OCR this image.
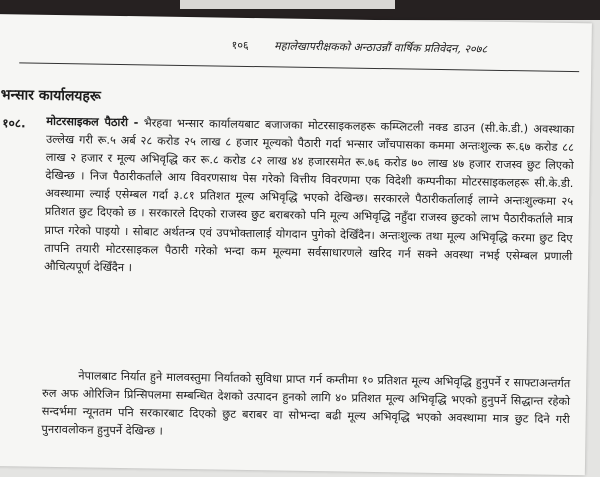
१०६ महालेखापरीक्षकको अन्ठाउन्नौं वार्षिक प्रतिवेदन, २०७८
भन्सार कार्यालयहरू
१०८. मोटरसाइकल पैठारी - भैरहवा भन्सार कार्यालयबाट बजाजका मोटरसाइकलहरू कम्प्लिटली नक्ड डाउन (सी.के.डी.) अवस्थाका उल्लेख गरी रू.५ अर्ब २८ करोड २५ लाख ८ हजार मूल्यको पैठारी गर्दा भन्सार जाँचपासका कममा अन्तःशुल्क रू.६७ करोड ८८ लाख २ हजार र मूल्य अभिवृद्धि कर रू.८ करोड ८२ लाख ४४ हजारसमेत रू.७६ करोड ७० लाख ४७ हजार राजस्व छुट लिएको देखिन्छ । निज पैठारीकर्तालेे आय विवरणसाथ पेस गरेको वित्तीय विवरणमा एक विदेशी कम्पनीका मोटरसाइकलहरू सी.के.डी. अवस्थामा ल्याई एसेम्बल गर्दा ३.८१ प्रतिशत मूल्य अभिवृद्धि भएको देखिन्छ। सरकारले पैठारीकर्तालाई लाग्ने अन्तःशुल्कमा २५ प्रतिशत छुट दिएको छ । सरकारले दिएको राजस्व छुट बराबरको पनि मूल्य अभिवृद्धि नहुँदा राजस्व छुटको लाभ पैठारीकर्तालेे मात्र प्राप्त गरेको पाइयो । सोबाट अर्थतन्त्र एवं उपभोक्तालाई योगदान पुगेको देखिँदैन। अन्तःशुल्क तथा मूल्य अभिवृद्धि करमा छुट दिए तापनि तयारी मोटरसाइकल पैठारी गरेको भन्दा कम मूल्यमा सर्वसाधारणले खरिद गर्न सक्ने अवस्था नभई एसेम्बल प्रणाली औचित्यपूर्ण देखिँदैन ।
नेपालबाट निर्यात हुने मालवस्तुमा निर्यातको सुविधा प्राप्त गर्न कम्तीमा १० प्रतिशत मूल्य अभिवृद्धि हुनुपर्ने र साफ्टाअन्तर्गत रुल अफ ओरिजिन प्रिन्सिपलमा सम्बन्धित देशको उत्पादन हुनको लागि ४० प्रतिशत मूल्य अभिवृद्धि भएको हुनुपर्ने सिद्धान्त रहेको सन्दर्भमा न्यूनतम पनि सरकारबाट दिएको छुट बराबर वा सोभन्दा बढी मूल्य अभिवृद्धि भएको अवस्थामा मात्र छुट दिने गरी पुनरावलोकन हुनुपर्ने देखिन्छ ।
